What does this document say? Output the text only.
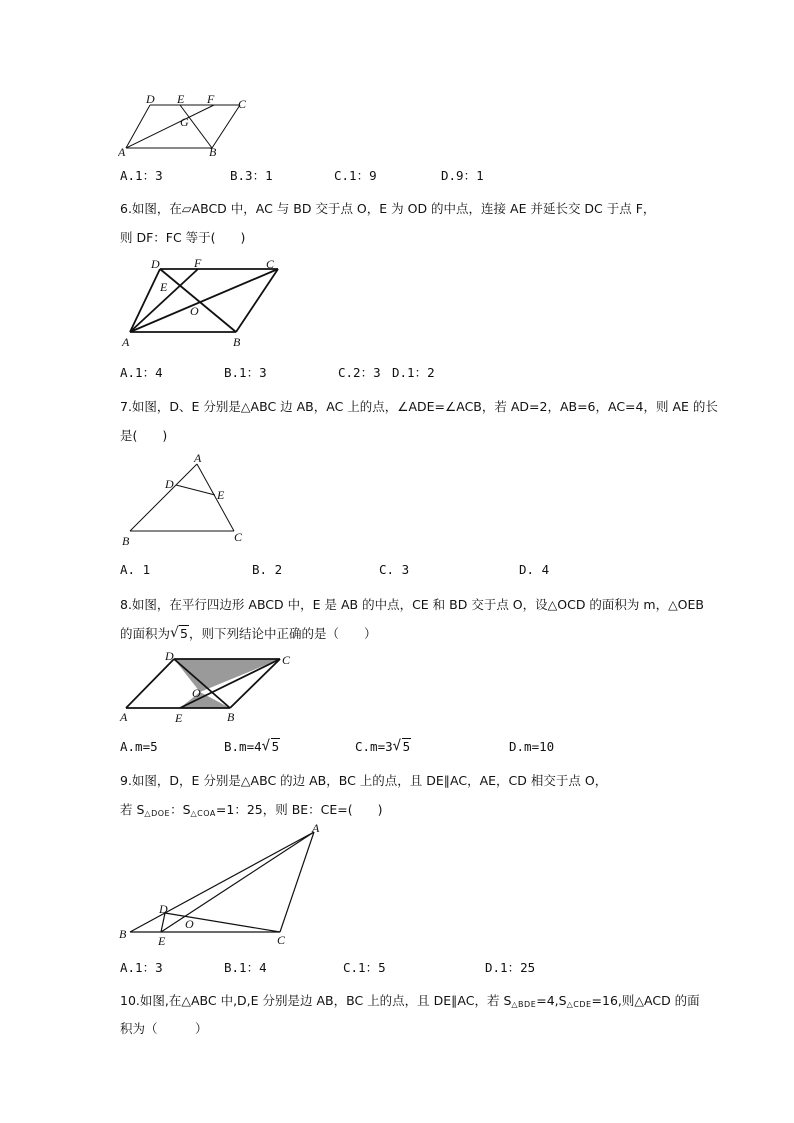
D E F C
G
A	B
A.1：3	B.3：1	C.1：9	D.9：1
6.如图，在▱ABCD 中，AC 与 BD 交于点 O，E 为 OD 的中点，连接 AE 并延长交 DC 于点 F，
则 DF：FC 等于(　　)
D	F	C
E
O
A	B
A.1：4	B.1：3	C.2：3 D.1：2
7.如图，D、E 分别是△ABC 边 AB，AC 上的点，∠ADE=∠ACB，若 AD=2，AB=6，AC=4，则 AE 的长
是(　　)
A
D
E
B	C
A. 1	B. 2	C. 3	D. 4
8.如图，在平行四边形 ABCD 中，E 是 AB 的中点，CE 和 BD 交于点 O，设△OCD 的面积为 m，△OEB
的面积为 √ 5，则下列结论中正确的是（　　）
D	C
O
A	E	B
A.m=5	B.m=4 √ 5	C.m=3 √ 5	D.m=10
9.如图，D，E 分别是△ABC 的边 AB，BC 上的点，且 DE∥AC，AE，CD 相交于点 O，
若 $S_{\triangle DOE}$：$S_{\triangle COA}=1$：25，则 BE：CE=(　　)
A
D
O
B	E	C
A.1：3	B.1：4	C.1：5	D.1：25
10.如图,在△ABC 中,D,E 分别是边 AB，BC 上的点，且 DE∥AC，若 $S_{\triangle BDE}=4,S_{\triangle CDE}=16$,则△ACD 的面
积为（　　　）
